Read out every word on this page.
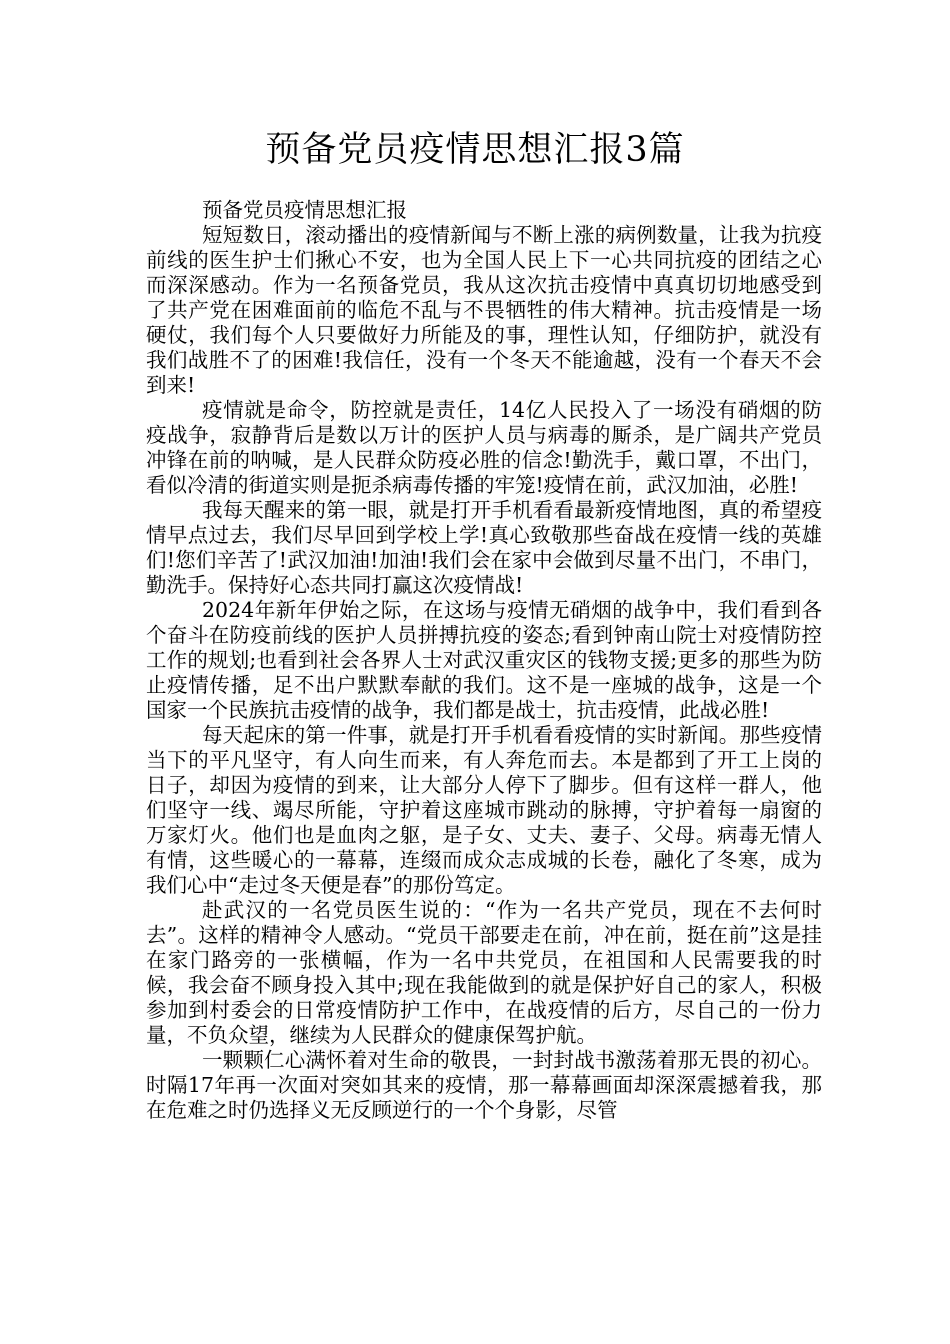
预备党员疫情思想汇报3篇

预备党员疫情思想汇报

短短数日，滚动播出的疫情新闻与不断上涨的病例数量，让我为抗疫前线的医生护士们揪心不安，也为全国人民上下一心共同抗疫的团结之心而深深感动。作为一名预备党员，我从这次抗击疫情中真真切切地感受到了共产党在困难面前的临危不乱与不畏牺牲的伟大精神。抗击疫情是一场硬仗，我们每个人只要做好力所能及的事，理性认知，仔细防护，就没有我们战胜不了的困难!我信任，没有一个冬天不能逾越，没有一个春天不会到来!

疫情就是命令，防控就是责任，14亿人民投入了一场没有硝烟的防疫战争，寂静背后是数以万计的医护人员与病毒的厮杀，是广阔共产党员冲锋在前的呐喊，是人民群众防疫必胜的信念!勤洗手，戴口罩，不出门，看似冷清的街道实则是扼杀病毒传播的牢笼!疫情在前，武汉加油，必胜!

我每天醒来的第一眼，就是打开手机看看最新疫情地图，真的希望疫情早点过去，我们尽早回到学校上学!真心致敬那些奋战在疫情一线的英雄们!您们辛苦了!武汉加油!加油!我们会在家中会做到尽量不出门，不串门，勤洗手。保持好心态共同打赢这次疫情战!

2024年新年伊始之际，在这场与疫情无硝烟的战争中，我们看到各个奋斗在防疫前线的医护人员拼搏抗疫的姿态;看到钟南山院士对疫情防控工作的规划;也看到社会各界人士对武汉重灾区的钱物支援;更多的那些为防止疫情传播，足不出户默默奉献的我们。这不是一座城的战争，这是一个国家一个民族抗击疫情的战争，我们都是战士，抗击疫情，此战必胜!

每天起床的第一件事，就是打开手机看看疫情的实时新闻。那些疫情当下的平凡坚守，有人向生而来，有人奔危而去。本是都到了开工上岗的日子，却因为疫情的到来，让大部分人停下了脚步。但有这样一群人，他们坚守一线、竭尽所能，守护着这座城市跳动的脉搏，守护着每一扇窗的万家灯火。他们也是血肉之躯，是子女、丈夫、妻子、父母。病毒无情人有情，这些暖心的一幕幕，连缀而成众志成城的长卷，融化了冬寒，成为我们心中“走过冬天便是春”的那份笃定。

赴武汉的一名党员医生说的：“作为一名共产党员，现在不去何时去”。这样的精神令人感动。“党员干部要走在前，冲在前，挺在前”这是挂在家门路旁的一张横幅，作为一名中共党员，在祖国和人民需要我的时候，我会奋不顾身投入其中;现在我能做到的就是保护好自己的家人，积极参加到村委会的日常疫情防护工作中，在战疫情的后方，尽自己的一份力量，不负众望，继续为人民群众的健康保驾护航。

一颗颗仁心满怀着对生命的敬畏，一封封战书激荡着那无畏的初心。时隔17年再一次面对突如其来的疫情，那一幕幕画面却深深震撼着我，那在危难之时仍选择义无反顾逆行的一个个身影，尽管
